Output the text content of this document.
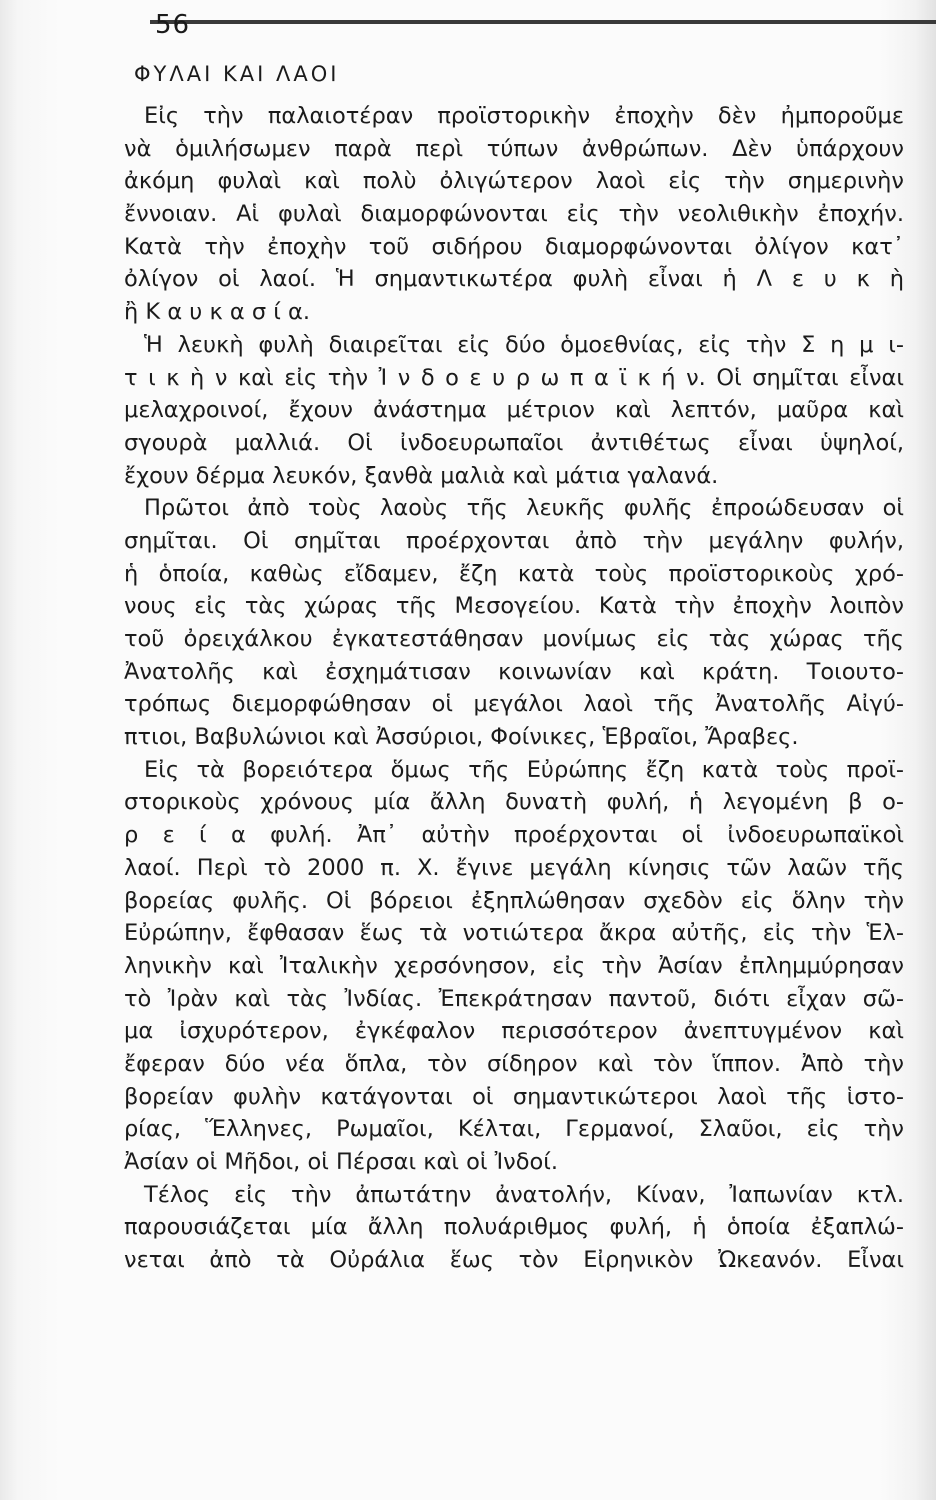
56
ΦΥΛΑΙ ΚΑΙ ΛΑΟΙ
Εἰς τὴν παλαιοτέραν προϊστορικὴν ἐποχὴν δὲν ἠμποροῦμε
νὰ ὁμιλήσωμεν παρὰ περὶ τύπων ἀνθρώπων. Δὲν ὑπάρχουν
ἀκόμη φυλαὶ καὶ πολὺ ὀλιγώτερον λαοὶ εἰς τὴν σημερινὴν
ἔννοιαν. Αἱ φυλαὶ διαμορφώνονται εἰς τὴν νεολιθικὴν ἐποχήν.
Κατὰ τὴν ἐποχὴν τοῦ σιδήρου διαμορφώνονται ὀλίγον κατ᾽
ὀλίγον οἱ λαοί. Ἡ σημαντικωτέρα φυλὴ εἶναι ἡ Λ ε υ κ ὴ
ἢ Κ α υ κ α σ ί α.
Ἡ λευκὴ φυλὴ διαιρεῖται εἰς δύο ὁμοεθνίας, εἰς τὴν Σ η μ ι-
τ ι κ ὴ ν καὶ εἰς τὴν Ἰ ν δ ο ε υ ρ ω π α ϊ κ ή ν. Οἱ σημῖται εἶναι
μελαχροινοί, ἔχουν ἀνάστημα μέτριον καὶ λεπτόν, μαῦρα καὶ
σγουρὰ μαλλιά. Οἱ ἰνδοευρωπαῖοι ἀντιθέτως εἶναι ὑψηλοί,
ἔχουν δέρμα λευκόν, ξανθὰ μαλιὰ καὶ μάτια γαλανά.
Πρῶτοι ἀπὸ τοὺς λαοὺς τῆς λευκῆς φυλῆς ἐπροώδευσαν οἱ
σημῖται. Οἱ σημῖται προέρχονται ἀπὸ τὴν μεγάλην φυλήν,
ἡ ὁποία, καθὼς εἴδαμεν, ἔζη κατὰ τοὺς προϊστορικοὺς χρό-
νους εἰς τὰς χώρας τῆς Μεσογείου. Κατὰ τὴν ἐποχὴν λοιπὸν
τοῦ ὀρειχάλκου ἐγκατεστάθησαν μονίμως εἰς τὰς χώρας τῆς
Ἀνατολῆς καὶ ἐσχημάτισαν κοινωνίαν καὶ κράτη. Τοιουτο-
τρόπως διεμορφώθησαν οἱ μεγάλοι λαοὶ τῆς Ἀνατολῆς Αἰγύ-
πτιοι, Βαβυλώνιοι καὶ Ἀσσύριοι, Φοίνικες, Ἑβραῖοι, Ἄραβες.
Εἰς τὰ βορειότερα ὅμως τῆς Εὐρώπης ἔζη κατὰ τοὺς προϊ-
στορικοὺς χρόνους μία ἄλλη δυνατὴ φυλή, ἡ λεγομένη β ο-
ρ ε ί α φυλή. Ἀπ᾽ αὐτὴν προέρχονται οἱ ἰνδοευρωπαϊκοὶ
λαοί. Περὶ τὸ 2000 π. Χ. ἔγινε μεγάλη κίνησις τῶν λαῶν τῆς
βορείας φυλῆς. Οἱ βόρειοι ἐξηπλώθησαν σχεδὸν εἰς ὅλην τὴν
Εὐρώπην, ἔφθασαν ἕως τὰ νοτιώτερα ἄκρα αὐτῆς, εἰς τὴν Ἑλ-
ληνικὴν καὶ Ἰταλικὴν χερσόνησον, εἰς τὴν Ἀσίαν ἐπλημμύρησαν
τὸ Ἰρὰν καὶ τὰς Ἰνδίας. Ἐπεκράτησαν παντοῦ, διότι εἶχαν σῶ-
μα ἰσχυρότερον, ἐγκέφαλον περισσότερον ἀνεπτυγμένον καὶ
ἔφεραν δύο νέα ὅπλα, τὸν σίδηρον καὶ τὸν ἵππον. Ἀπὸ τὴν
βορείαν φυλὴν κατάγονται οἱ σημαντικώτεροι λαοὶ τῆς ἱστο-
ρίας, Ἕλληνες, Ρωμαῖοι, Κέλται, Γερμανοί, Σλαῦοι, εἰς τὴν
Ἀσίαν οἱ Μῆδοι, οἱ Πέρσαι καὶ οἱ Ἰνδοί.
Τέλος εἰς τὴν ἀπωτάτην ἀνατολήν, Κίναν, Ἰαπωνίαν κτλ.
παρουσιάζεται μία ἄλλη πολυάριθμος φυλή, ἡ ὁποία ἐξαπλώ-
νεται ἀπὸ τὰ Οὐράλια ἕως τὸν Εἰρηνικὸν Ὠκεανόν. Εἶναι
